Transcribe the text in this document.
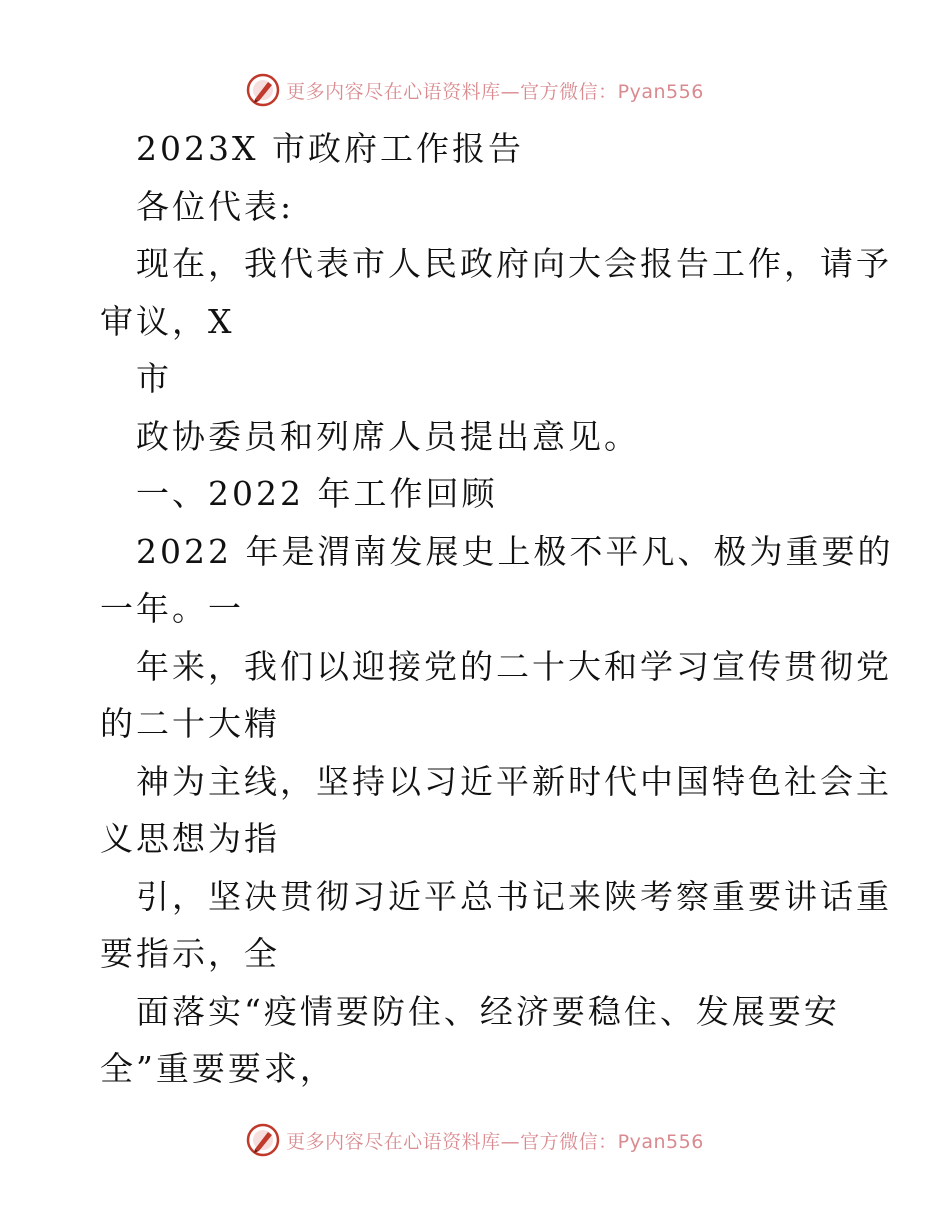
更多内容尽在心语资料库—官方微信：Pyan556
2023X 市政府工作报告
各位代表:
现在，我代表市人民政府向大会报告工作，请予
审议，X
市
政协委员和列席人员提出意见。
一、2022 年工作回顾
2022 年是渭南发展史上极不平凡、极为重要的
一年。一
年来，我们以迎接党的二十大和学习宣传贯彻党
的二十大精
神为主线，坚持以习近平新时代中国特色社会主
义思想为指
引，坚决贯彻习近平总书记来陕考察重要讲话重
要指示，全
面落实“疫情要防住、经济要稳住、发展要安
全”重要要求，
更多内容尽在心语资料库—官方微信：Pyan556
